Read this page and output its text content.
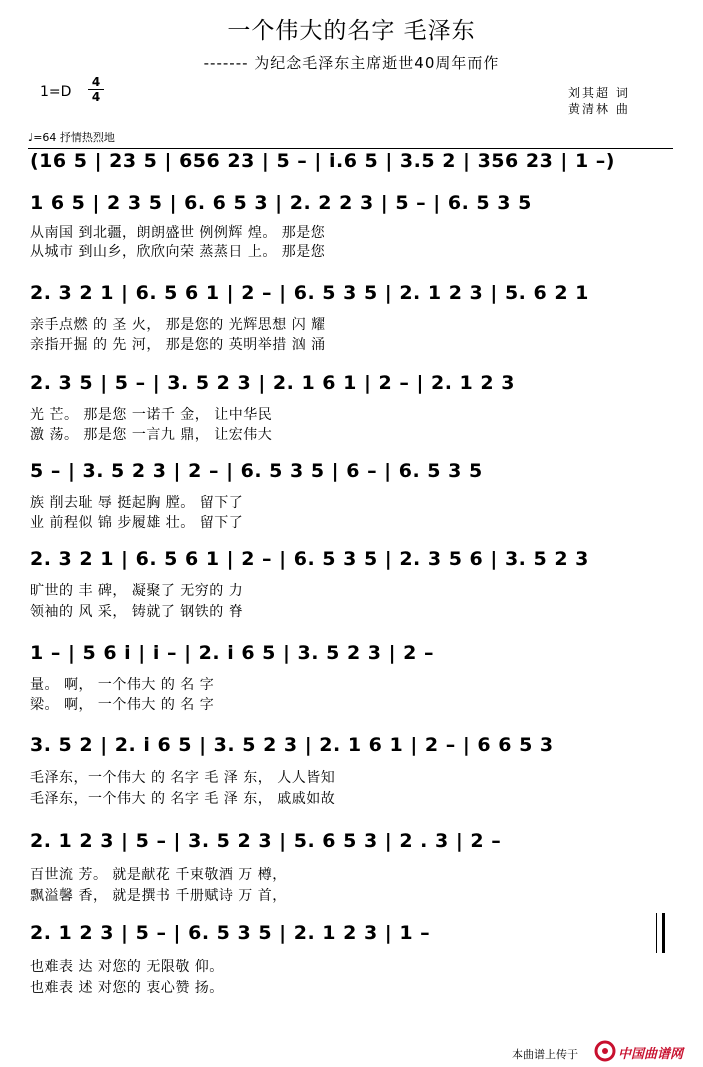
一个伟大的名字 毛泽东
------- 为纪念毛泽东主席逝世40周年而作
1=D
4
4	刘其超 词
黄清林 曲
♩=64 抒情热烈地
(16 5 | 23 5 | 656 23 | 5 – | i.6 5 | 3.5 2 | 356 23 | 1 –)
1 6 5 | 2 3 5 | 6. 6 5 3 | 2. 2 2 3 | 5 – | 6. 5 3 5
从南国 到北疆，朗朗盛世 例例辉 煌。 那是您
从城市 到山乡，欣欣向荣 蒸蒸日 上。 那是您
2. 3 2 1 | 6. 5 6 1 | 2 – | 6. 5 3 5 | 2. 1 2 3 | 5. 6 2 1
亲手点燃 的 圣 火， 那是您的 光辉思想 闪 耀
亲指开掘 的 先 河， 那是您的 英明举措 汹 涌
2. 3 5 | 5 – | 3. 5 2 3 | 2. 1 6 1 | 2 – | 2. 1 2 3
光 芒。 那是您 一诺千 金， 让中华民
激 荡。 那是您 一言九 鼎， 让宏伟大
5 – | 3. 5 2 3 | 2 – | 6. 5 3 5 | 6 – | 6. 5 3 5
族 削去耻 辱 挺起胸 膛。 留下了
业 前程似 锦 步履雄 壮。 留下了
2. 3 2 1 | 6. 5 6 1 | 2 – | 6. 5 3 5 | 2. 3 5 6 | 3. 5 2 3
旷世的 丰 碑， 凝聚了 无穷的 力
领袖的 风 采， 铸就了 钢铁的 脊
1 – | 5 6 i | i – | 2. i 6 5 | 3. 5 2 3 | 2 –
量。 啊， 一个伟大 的 名 字
梁。 啊， 一个伟大 的 名 字
3. 5 2 | 2. i 6 5 | 3. 5 2 3 | 2. 1 6 1 | 2 – | 6 6 5 3
毛泽东，一个伟大 的 名字 毛 泽 东， 人人皆知
毛泽东，一个伟大 的 名字 毛 泽 东， 戚戚如故
2. 1 2 3 | 5 – | 3. 5 2 3 | 5. 6 5 3 | 2 . 3 | 2 –
百世流 芳。 就是献花 千束敬酒 万 樽，
飘溢馨 香， 就是撰书 千册赋诗 万 首，
2. 1 2 3 | 5 – | 6. 5 3 5 | 2. 1 2 3 | 1 –
也难表 达 对您的 无限敬 仰。
也难表 述 对您的 衷心赞 扬。
本曲谱上传于	中国曲谱网
